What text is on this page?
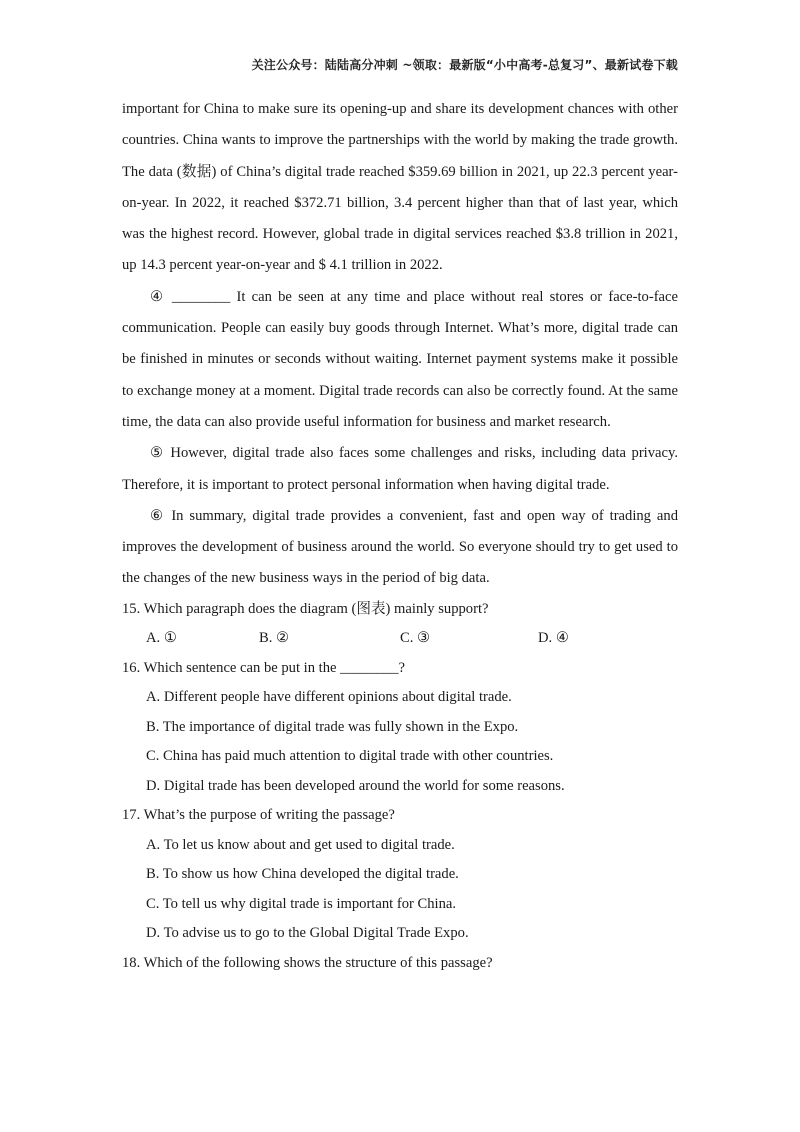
关注公众号：陆陆高分冲刺 ~领取：最新版“小中高考-总复习”、最新试卷下载

important for China to make sure its opening-up and share its development chances with other countries. China wants to improve the partnerships with the world by making the trade growth. The data (数据) of China’s digital trade reached $359.69 billion in 2021, up 22.3 percent year-on-year. In 2022, it reached $372.71 billion, 3.4 percent higher than that of last year, which was the highest record. However, global trade in digital services reached $3.8 trillion in 2021, up 14.3 percent year-on-year and $ 4.1 trillion in 2022.

④ ________ It can be seen at any time and place without real stores or face-to-face communication. People can easily buy goods through Internet. What’s more, digital trade can be finished in minutes or seconds without waiting. Internet payment systems make it possible to exchange money at a moment. Digital trade records can also be correctly found. At the same time, the data can also provide useful information for business and market research.

⑤ However, digital trade also faces some challenges and risks, including data privacy. Therefore, it is important to protect personal information when having digital trade.

⑥ In summary, digital trade provides a convenient, fast and open way of trading and improves the development of business around the world. So everyone should try to get used to the changes of the new business ways in the period of big data.

15. Which paragraph does the diagram (图表) mainly support?

A. ①	B. ②	C. ③	D. ④

16. Which sentence can be put in the ________?

A. Different people have different opinions about digital trade.
B. The importance of digital trade was fully shown in the Expo.
C. China has paid much attention to digital trade with other countries.
D. Digital trade has been developed around the world for some reasons.

17. What’s the purpose of writing the passage?

A. To let us know about and get used to digital trade.
B. To show us how China developed the digital trade.
C. To tell us why digital trade is important for China.
D. To advise us to go to the Global Digital Trade Expo.

18. Which of the following shows the structure of this passage?
